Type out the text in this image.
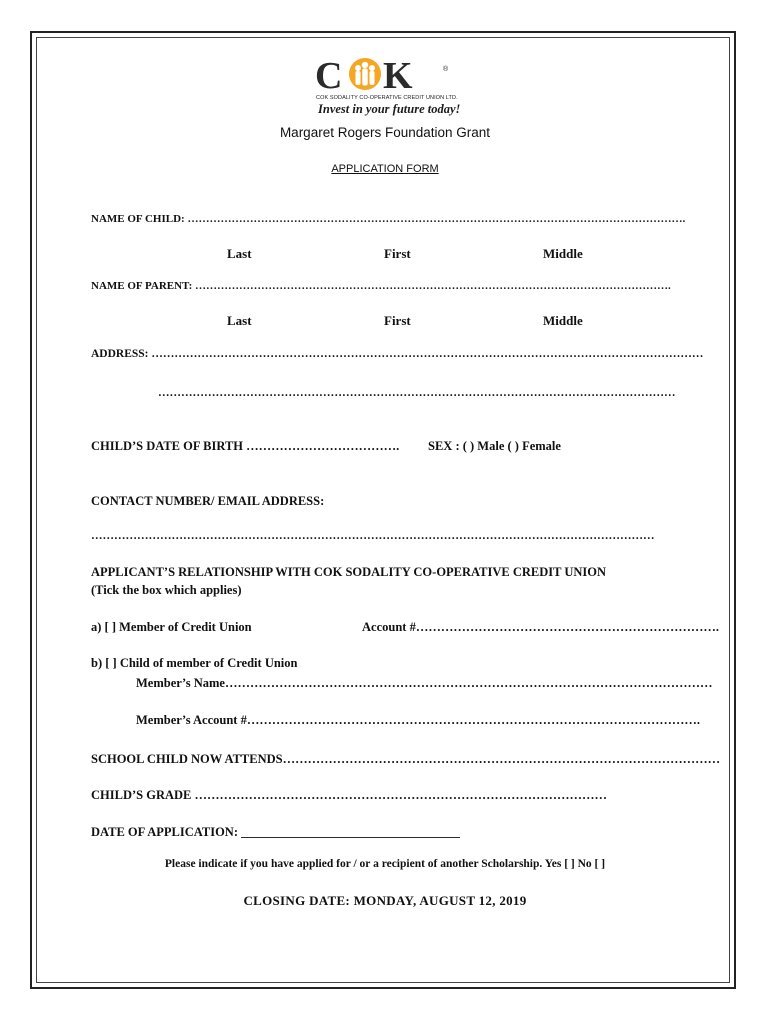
C K	®
COK SODALITY CO-OPERATIVE CREDIT UNION LTD.
Invest in your future today!
Margaret Rogers Foundation Grant
APPLICATION FORM
NAME OF CHILD: ……………………………………………………………………………………………………………………….
Last	First	Middle
NAME OF PARENT: ………………………………………………………………………………………………………………….
Last	First	Middle
ADDRESS: ………………………………………………………………………………………………………………………………
………………………………………………………………………………………………………………………
CHILD’S DATE OF BIRTH ………………………………. SEX : ( ) Male ( ) Female
CONTACT NUMBER/ EMAIL ADDRESS:
…………………………………………………………………………………………………………………………………
APPLICANT’S RELATIONSHIP WITH COK SODALITY CO-OPERATIVE CREDIT UNION
(Tick the box which applies)
a) [ ] Member of Credit Union	Account #……………………………………………………………….
b) [ ] Child of member of Credit Union
Member’s Name………………………………………………………………………………………………………
Member’s Account #……………………………………………………………………………………………….
SCHOOL CHILD NOW ATTENDS……………………………………………………………………………………………
CHILD’S GRADE ………………………………………………………………………………………
DATE OF APPLICATION: ___________________________________
Please indicate if you have applied for / or a recipient of another Scholarship. Yes [ ] No [ ]
CLOSING DATE: MONDAY, AUGUST 12, 2019
